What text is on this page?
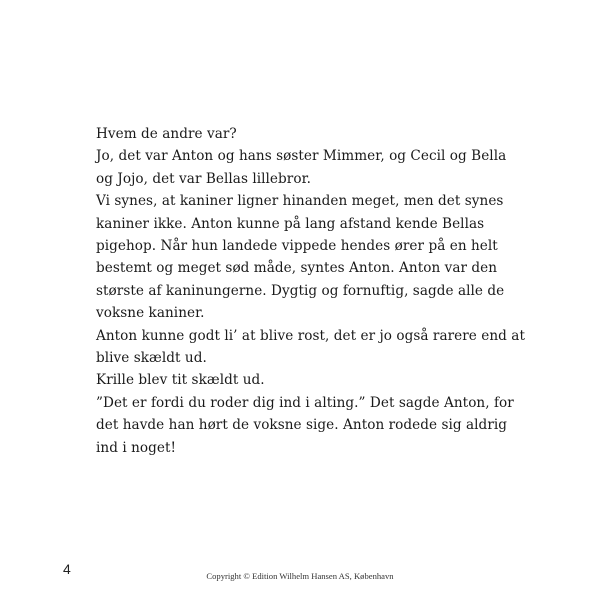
Hvem de andre var?
Jo, det var Anton og hans søster Mimmer, og Cecil og Bella
og Jojo, det var Bellas lillebror.
Vi synes, at kaniner ligner hinanden meget, men det synes
kaniner ikke. Anton kunne på lang afstand kende Bellas
pigehop. Når hun landede vippede hendes ører på en helt
bestemt og meget sød måde, syntes Anton. Anton var den
største af kaninungerne. Dygtig og fornuftig, sagde alle de
voksne kaniner.
Anton kunne godt li’ at blive rost, det er jo også rarere end at
blive skældt ud.
Krille blev tit skældt ud.
”Det er fordi du roder dig ind i alting.” Det sagde Anton, for
det havde han hørt de voksne sige. Anton rodede sig aldrig
ind i noget!
4	Copyright © Edition Wilhelm Hansen AS, København
